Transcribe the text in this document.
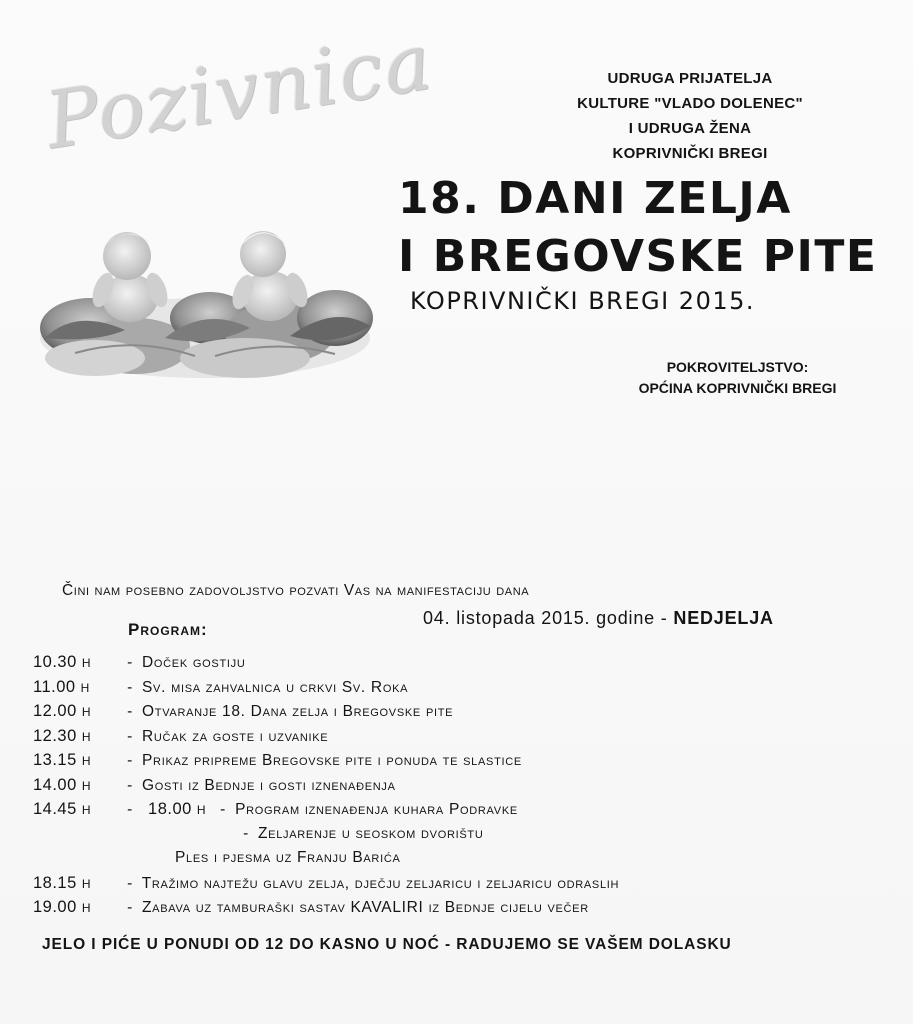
Pozivnica	UDRUGA PRIJATELJA
KULTURE "VLADO DOLENEC"
I UDRUGA ŽENA
KOPRIVNIČKI BREGI
18. DANI ZELJA
I BREGOVSKE PITE
KOPRIVNIČKI BREGI 2015.
POKROVITELJSTVO:
OPĆINA KOPRIVNIČKI BREGI
Čini nam posebno zadovoljstvo pozvati Vas na manifestaciju dana
04. listopada 2015. godine - NEDJELJA
Program:
10.30 h - Doček gostiju
11.00 h - Sv. misa zahvalnica u crkvi Sv. Roka
12.00 h - Otvaranje 18. Dana zelja i Bregovske pite
12.30 h - Ručak za goste i uzvanike
13.15 h - Prikaz pripreme Bregovske pite i ponuda te slastice
14.00 h - Gosti iz Bednje i gosti iznenađenja
14.45 h - 18.00 h - Program iznenađenja kuhara Podravke
- Zeljarenje u seoskom dvorištu
Ples i pjesma uz Franju Barića
18.15 h - Tražimo najtežu glavu zelja, dječju zeljaricu i zeljaricu odraslih
19.00 h - Zabava uz tamburaški sastav KAVALIRI iz Bednje cijelu večer
JELO I PIĆE U PONUDI OD 12 DO KASNO U NOĆ - RADUJEMO SE VAŠEM DOLASKU
